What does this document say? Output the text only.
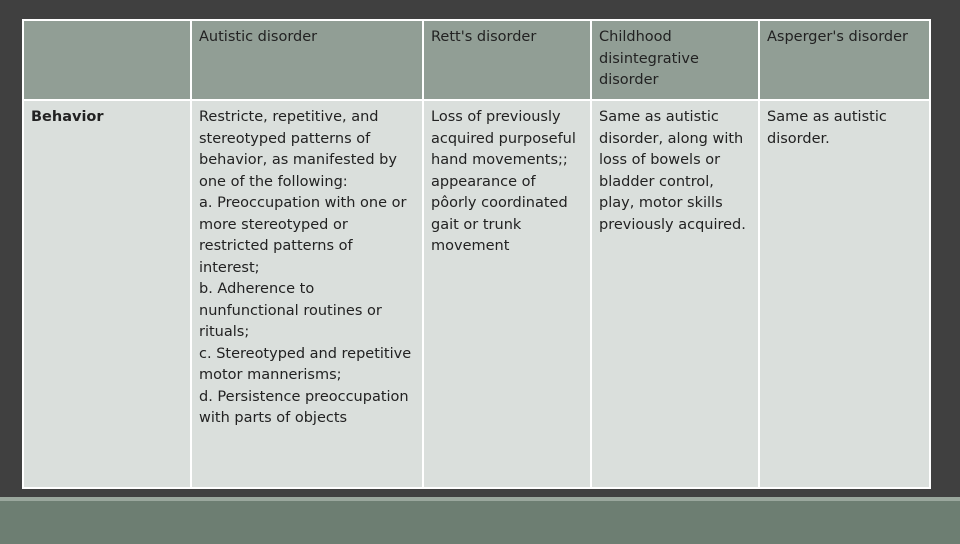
	Autistic disorder	Rett's disorder	Childhood disintegrative disorder	Asperger's disorder
Behavior	Restricte, repetitive, and stereotyped patterns of behavior, as manifested by one of the following:
a. Preoccupation with one or more stereotyped or restricted patterns of interest;
b. Adherence to nunfunctional routines or rituals;
c. Stereotyped and repetitive motor mannerisms;
d. Persistence preoccupation with parts of objects	Loss of previously acquired purposeful hand movements;; appearance of pôorly coordinated gait or trunk movement	Same as autistic disorder, along with loss of bowels or bladder control, play, motor skills previously acquired.	Same as autistic disorder.
